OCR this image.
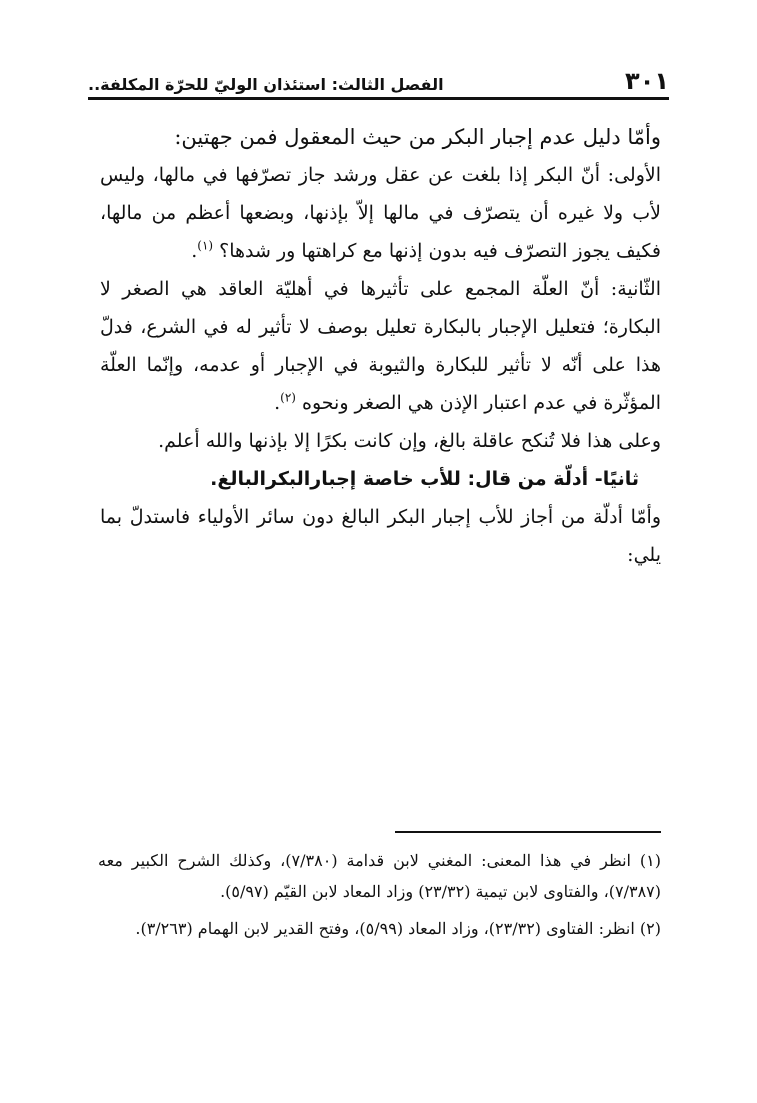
٣٠١
الفصل الثالث: استئذان الوليّ للحرّة المكلفة..

وأمّا دليل عدم إجبار البكر من حيث المعقول فمن جهتين:

الأولى: أنّ البكر إذا بلغت عن عقل ورشد جاز تصرّفها في مالها، وليس لأب ولا غيره أن يتصرّف في مالها إلاّ بإذنها، وبضعها أعظم من مالها، فكيف يجوز التصرّف فيه بدون إذنها مع كراهتها ور شدها؟ $^{(١)}$.

الثّانية: أنّ العلّة المجمع على تأثيرها في أهليّة العاقد هي الصغر لا البكارة؛ فتعليل الإجبار بالبكارة تعليل بوصف لا تأثير له في الشرع، فدلّ هذا على أنّه لا تأثير للبكارة والثيوبة في الإجبار أو عدمه، وإنّما العلّة المؤثّرة في عدم اعتبار الإذن هي الصغر ونحوه $^{(٢)}$.

وعلى هذا فلا تُنكح عاقلة بالغ، وإن كانت بكرًا إلا بإذنها والله أعلم.

ثانيًا- أدلّة من قال: للأب خاصة إجبارالبكرالبالغ.

وأمّا أدلّة من أجاز للأب إجبار البكر البالغ دون سائر الأولياء فاستدلّ بما يلي:

(١) انظر في هذا المعنى: المغني لابن قدامة (٧/٣٨٠)، وكذلك الشرح الكبير معه (٧/٣٨٧)، والفتاوى لابن تيمية (٢٣/٣٢) وزاد المعاد لابن القيّم (٥/٩٧).

(٢) انظر: الفتاوى (٢٣/٣٢)، وزاد المعاد (٥/٩٩)، وفتح القدير لابن الهمام (٣/٢٦٣).
